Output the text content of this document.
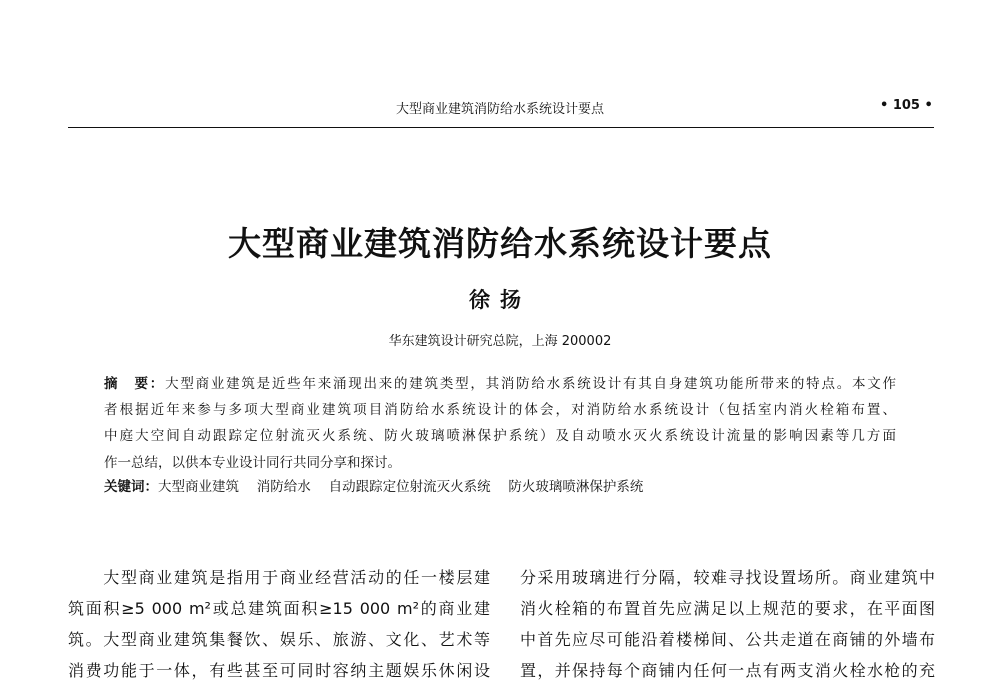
大型商业建筑消防给水系统设计要点	• 105 •
大型商业建筑消防给水系统设计要点
徐扬
华东建筑设计研究总院，上海 200002
摘　要：大型商业建筑是近些年来涌现出来的建筑类型，其消防给水系统设计有其自身建筑功能所带来的特点。本文作
者根据近年来参与多项大型商业建筑项目消防给水系统设计的体会，对消防给水系统设计（包括室内消火栓箱布置、
中庭大空间自动跟踪定位射流灭火系统、防火玻璃喷淋保护系统）及自动喷水灭火系统设计流量的影响因素等几方面
作一总结，以供本专业设计同行共同分享和探讨。
关键词：大型商业建筑　 消防给水　 自动跟踪定位射流灭火系统　 防火玻璃喷淋保护系统
　　大型商业建筑是指用于商业经营活动的任一楼层建
筑面积≥5 000 m²或总建筑面积≥15 000 m²的商业建
筑。大型商业建筑集餐饮、娱乐、旅游、文化、艺术等
消费功能于一体，有些甚至可同时容纳主题娱乐休闲设
分采用玻璃进行分隔，较难寻找设置场所。商业建筑中
消火栓箱的布置首先应满足以上规范的要求，在平面图
中首先应尽可能沿着楼梯间、公共走道在商铺的外墙布
置，并保持每个商铺内任何一点有两支消火栓水枪的充
